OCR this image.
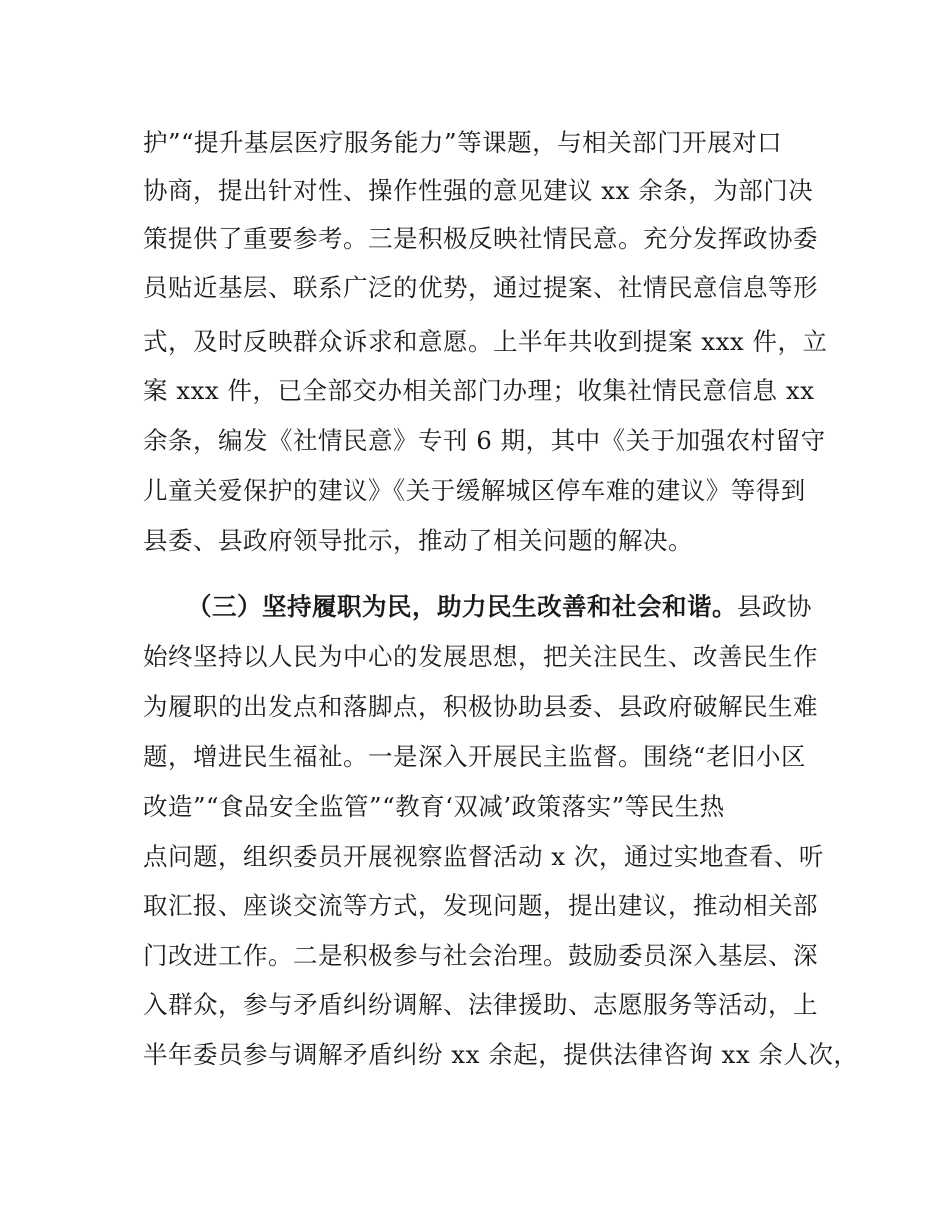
护”“提升基层医疗服务能力”等课题，与相关部门开展对口
协商，提出针对性、操作性强的意见建议 xx 余条，为部门决
策提供了重要参考。三是积极反映社情民意。充分发挥政协委
员贴近基层、联系广泛的优势，通过提案、社情民意信息等形
式，及时反映群众诉求和意愿。上半年共收到提案 xxx 件，立
案 xxx 件，已全部交办相关部门办理；收集社情民意信息 xx
余条，编发《社情民意》专刊 6 期，其中《关于加强农村留守
儿童关爱保护的建议》《关于缓解城区停车难的建议》等得到
县委、县政府领导批示，推动了相关问题的解决。
（三）坚持履职为民，助力民生改善和社会和谐。县政协
始终坚持以人民为中心的发展思想，把关注民生、改善民生作
为履职的出发点和落脚点，积极协助县委、县政府破解民生难
题，增进民生福祉。一是深入开展民主监督。围绕“老旧小区
改造”“食品安全监管”“教育‘双减’政策落实”等民生热
点问题，组织委员开展视察监督活动 x 次，通过实地查看、听
取汇报、座谈交流等方式，发现问题，提出建议，推动相关部
门改进工作。二是积极参与社会治理。鼓励委员深入基层、深
入群众，参与矛盾纠纷调解、法律援助、志愿服务等活动，上
半年委员参与调解矛盾纠纷 xx 余起，提供法律咨询 xx 余人次，
